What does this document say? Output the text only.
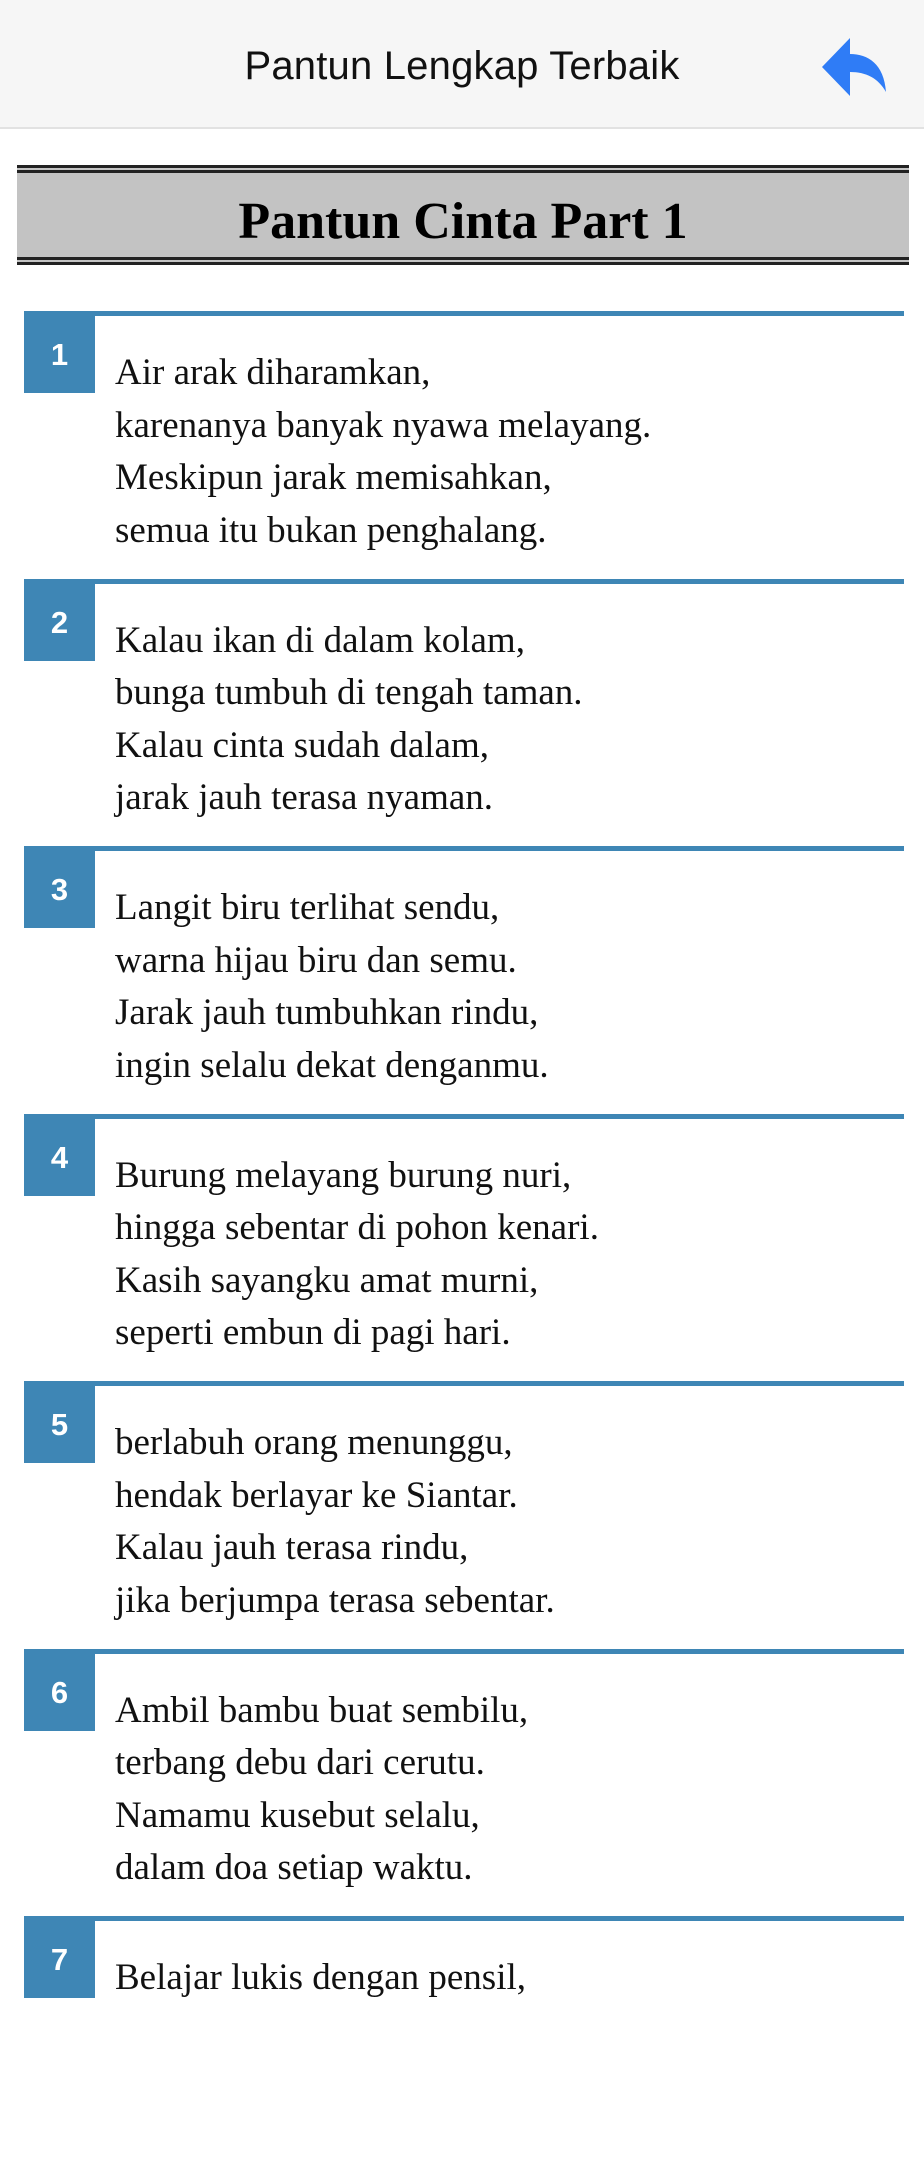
Pantun Lengkap Terbaik
Pantun Cinta Part 1
1	Air arak diharamkan,
karenanya banyak nyawa melayang.
Meskipun jarak memisahkan,
semua itu bukan penghalang.
2	Kalau ikan di dalam kolam,
bunga tumbuh di tengah taman.
Kalau cinta sudah dalam,
jarak jauh terasa nyaman.
3	Langit biru terlihat sendu,
warna hijau biru dan semu.
Jarak jauh tumbuhkan rindu,
ingin selalu dekat denganmu.
4	Burung melayang burung nuri,
hingga sebentar di pohon kenari.
Kasih sayangku amat murni,
seperti embun di pagi hari.
5	berlabuh orang menunggu,
hendak berlayar ke Siantar.
Kalau jauh terasa rindu,
jika berjumpa terasa sebentar.
6	Ambil bambu buat sembilu,
terbang debu dari cerutu.
Namamu kusebut selalu,
dalam doa setiap waktu.
7	Belajar lukis dengan pensil,
